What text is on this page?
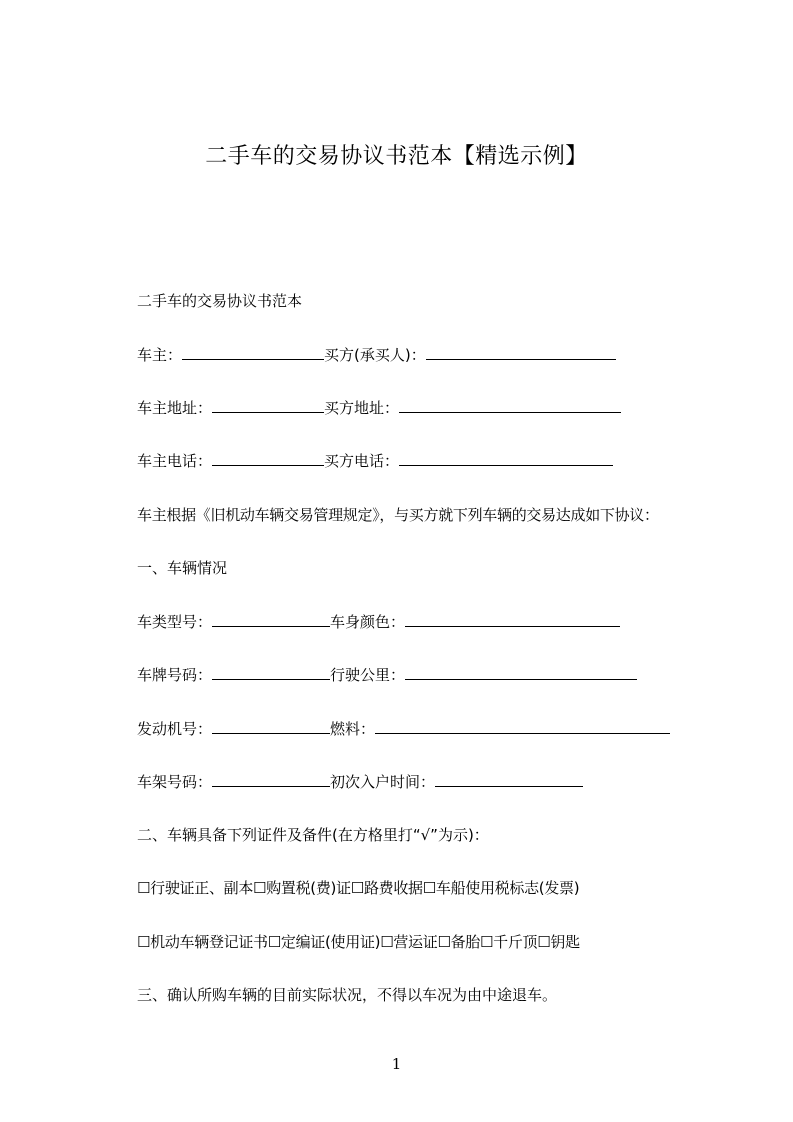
二手车的交易协议书范本【精选示例】
二手车的交易协议书范本
车主：	买方(承买人)：
车主地址：	买方地址：
车主电话：	买方电话：
车主根据《旧机动车辆交易管理规定》，与买方就下列车辆的交易达成如下协议：
一、车辆情况
车类型号：	车身颜色：
车牌号码：	行驶公里：
发动机号：	燃料：
车架号码：	初次入户时间：
二、车辆具备下列证件及备件(在方格里打“√”为示)：
☐行驶证正、副本☐购置税(费)证☐路费收据☐车船使用税标志(发票)
☐机动车辆登记证书☐定编证(使用证)☐营运证☐备胎☐千斤顶☐钥匙
三、确认所购车辆的目前实际状况，不得以车况为由中途退车。
1
